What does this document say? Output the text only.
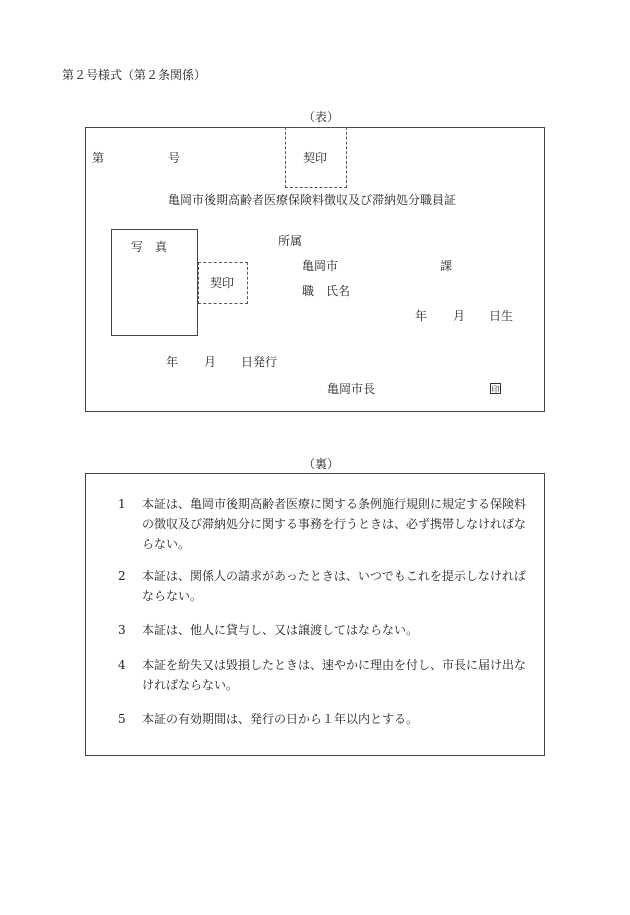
第２号様式（第２条関係）
（表）
第	号	契印
亀岡市後期高齢者医療保険料徴収及び滞納処分職員証
写　真
契印
所属
亀岡市	課
職　氏名
年 月 日生
年 月 日発行
亀岡市長	印
（裏）
1 本証は、亀岡市後期高齢者医療に関する条例施行規則に規定する保険料の徴収及び滞納処分に関する事務を行うときは、必ず携帯しなければならない。
2 本証は、関係人の請求があったときは、いつでもこれを提示しなければならない。
3 本証は、他人に貸与し、又は譲渡してはならない。
4 本証を紛失又は毀損したときは、速やかに理由を付し、市長に届け出なければならない。
5 本証の有効期間は、発行の日から１年以内とする。
